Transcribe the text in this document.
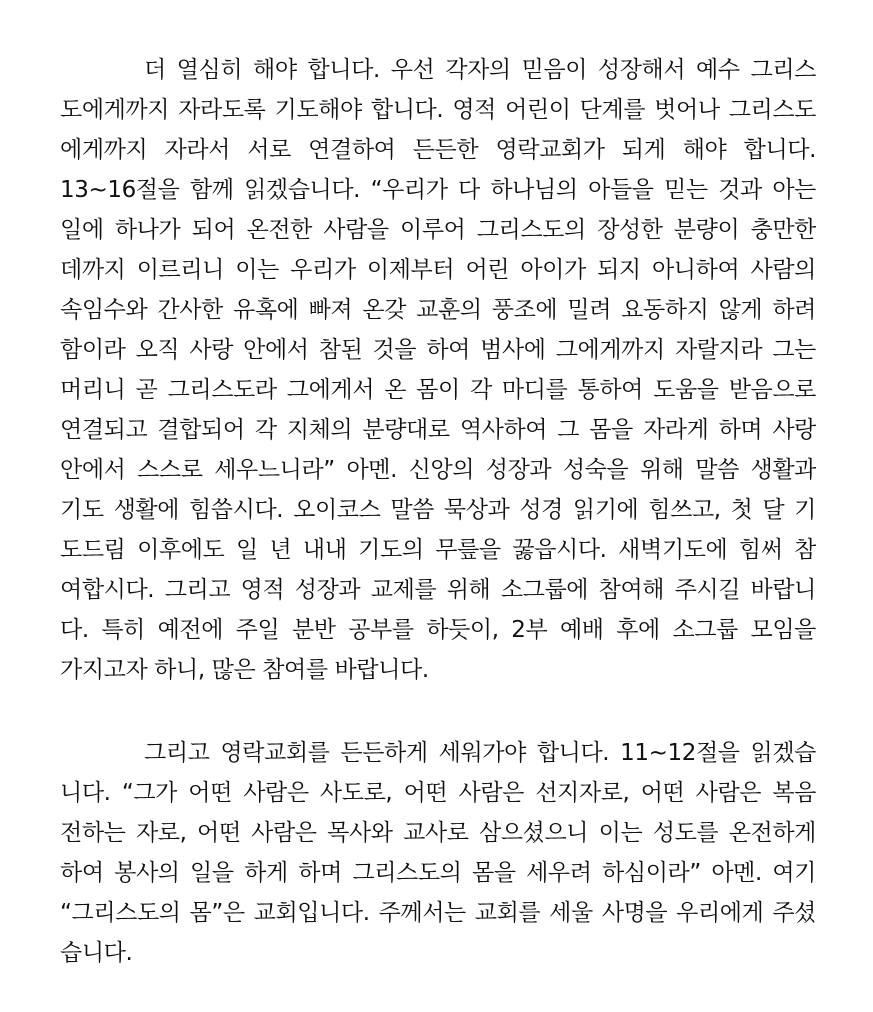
더 열심히 해야 합니다. 우선 각자의 믿음이 성장해서 예수 그리스
도에게까지 자라도록 기도해야 합니다. 영적 어린이 단계를 벗어나 그리스도
에게까지 자라서 서로 연결하여 든든한 영락교회가 되게 해야 합니다.
13~16절을 함께 읽겠습니다. “우리가 다 하나님의 아들을 믿는 것과 아는
일에 하나가 되어 온전한 사람을 이루어 그리스도의 장성한 분량이 충만한
데까지 이르리니 이는 우리가 이제부터 어린 아이가 되지 아니하여 사람의
속임수와 간사한 유혹에 빠져 온갖 교훈의 풍조에 밀려 요동하지 않게 하려
함이라 오직 사랑 안에서 참된 것을 하여 범사에 그에게까지 자랄지라 그는
머리니 곧 그리스도라 그에게서 온 몸이 각 마디를 통하여 도움을 받음으로
연결되고 결합되어 각 지체의 분량대로 역사하여 그 몸을 자라게 하며 사랑
안에서 스스로 세우느니라” 아멘. 신앙의 성장과 성숙을 위해 말씀 생활과
기도 생활에 힘씁시다. 오이코스 말씀 묵상과 성경 읽기에 힘쓰고, 첫 달 기
도드림 이후에도 일 년 내내 기도의 무릎을 꿇읍시다. 새벽기도에 힘써 참
여합시다. 그리고 영적 성장과 교제를 위해 소그룹에 참여해 주시길 바랍니
다. 특히 예전에 주일 분반 공부를 하듯이, 2부 예배 후에 소그룹 모임을
가지고자 하니, 많은 참여를 바랍니다.
그리고 영락교회를 든든하게 세워가야 합니다. 11~12절을 읽겠습
니다. “그가 어떤 사람은 사도로, 어떤 사람은 선지자로, 어떤 사람은 복음
전하는 자로, 어떤 사람은 목사와 교사로 삼으셨으니 이는 성도를 온전하게
하여 봉사의 일을 하게 하며 그리스도의 몸을 세우려 하심이라” 아멘. 여기
“그리스도의 몸”은 교회입니다. 주께서는 교회를 세울 사명을 우리에게 주셨
습니다.
